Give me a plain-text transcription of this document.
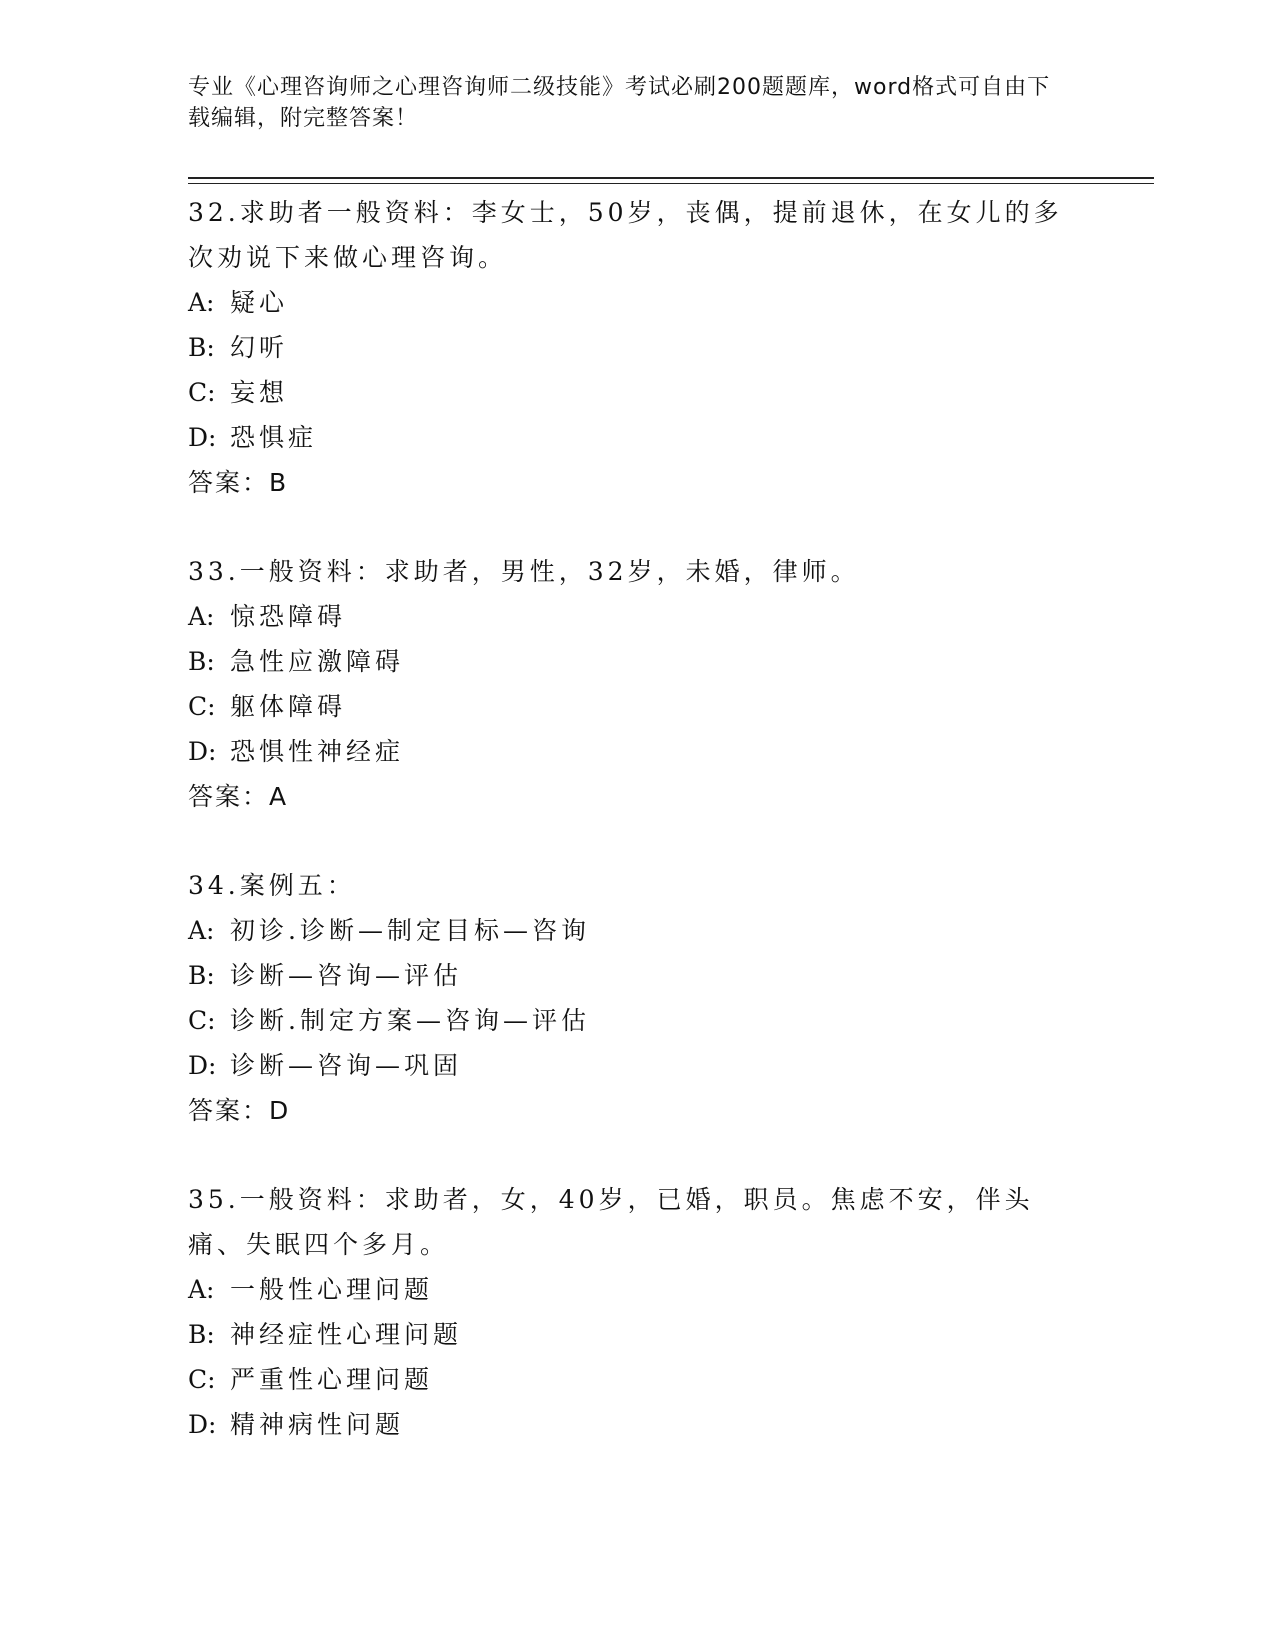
专业《心理咨询师之心理咨询师二级技能》考试必刷200题题库，word格式可自由下载编辑，附完整答案！
32.求助者一般资料：李女士，50岁，丧偶，提前退休，在女儿的多次劝说下来做心理咨询。
A: 疑心
B: 幻听
C: 妄想
D: 恐惧症
答案：B
33.一般资料：求助者，男性，32岁，未婚，律师。
A: 惊恐障碍
B: 急性应激障碍
C: 躯体障碍
D: 恐惧性神经症
答案：A
34.案例五：
A: 初诊.诊断—制定目标—咨询
B: 诊断—咨询—评估
C: 诊断.制定方案—咨询—评估
D: 诊断—咨询—巩固
答案：D
35.一般资料：求助者，女，40岁，已婚，职员。焦虑不安，伴头痛、失眠四个多月。
A: 一般性心理问题
B: 神经症性心理问题
C: 严重性心理问题
D: 精神病性问题
